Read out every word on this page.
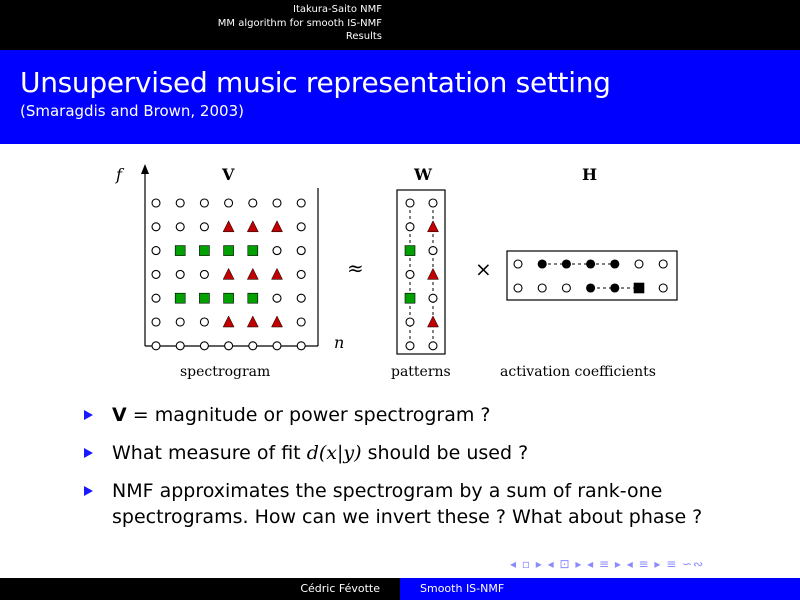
Itakura-Saito NMF
MM algorithm for smooth IS-NMF
Results
Unsupervised music representation setting
(Smaragdis and Brown, 2003)
f
n
V	W	H
≈	×
spectrogram	patterns	activation coefficients
V = magnitude or power spectrogram ?
What measure of fit d(x|y) should be used ?
NMF approximates the spectrogram by a sum of rank-one spectrograms. How can we invert these ? What about phase ?
◂ ▫ ▸ ◂ ⊡ ▸ ◂ ≡ ▸ ◂ ≡ ▸ ≡ ∽∾
Cédric Févotte	Smooth IS-NMF
